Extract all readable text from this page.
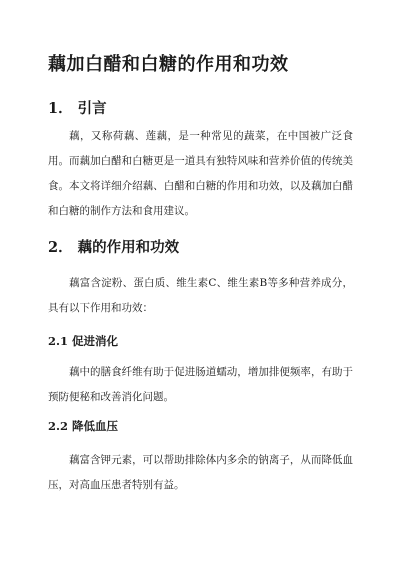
藕加白醋和白糖的作用和功效
1． 引言

藕，又称荷藕、莲藕，是一种常见的蔬菜，在中国被广泛食用。而藕加白醋和白糖更是一道具有独特风味和营养价值的传统美食。本文将详细介绍藕、白醋和白糖的作用和功效，以及藕加白醋和白糖的制作方法和食用建议。

2． 藕的作用和功效

藕富含淀粉、蛋白质、维生素C、维生素B等多种营养成分，具有以下作用和功效：

2.1 促进消化

藕中的膳食纤维有助于促进肠道蠕动，增加排便频率，有助于预防便秘和改善消化问题。

2.2 降低血压

藕富含钾元素，可以帮助排除体内多余的钠离子，从而降低血压，对高血压患者特别有益。
